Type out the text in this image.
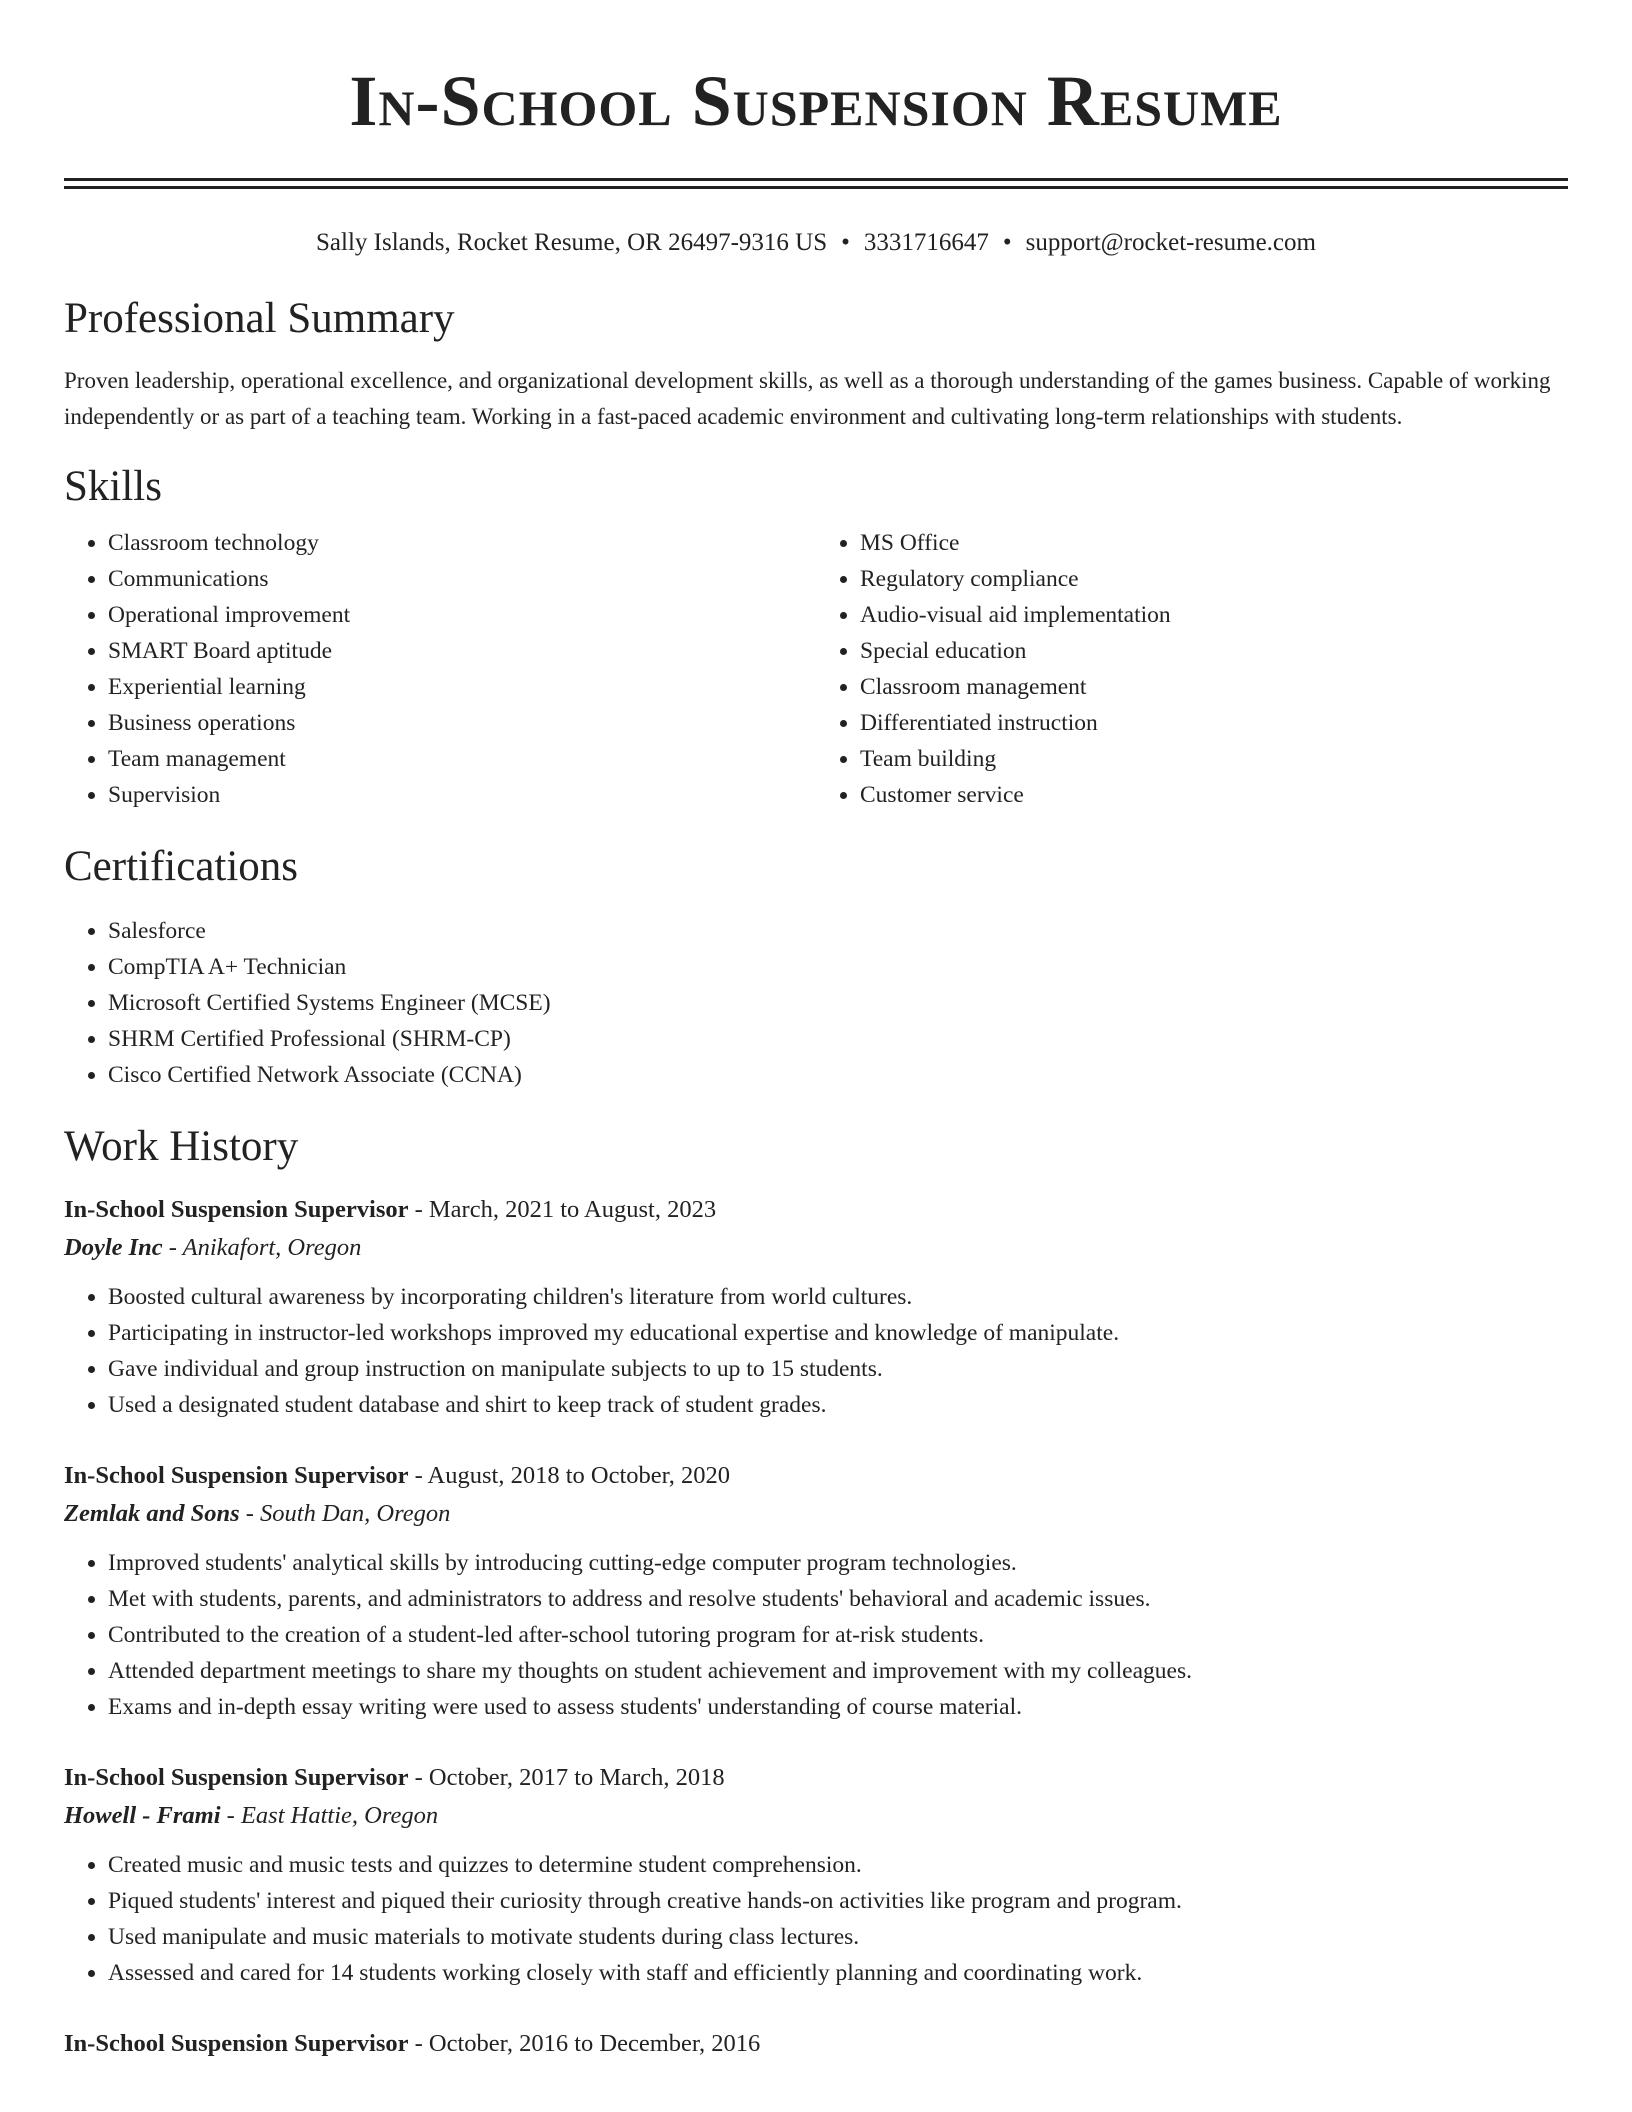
In-School Suspension Resume
Sally Islands, Rocket Resume, OR 26497-9316 US • 3331716647 • support@rocket-resume.com
Professional Summary

Proven leadership, operational excellence, and organizational development skills, as well as a thorough understanding of the games business. Capable of working independently or as part of a teaching team. Working in a fast-paced academic environment and cultivating long-term relationships with students.

Skills
• Classroom technology
• Communications
• Operational improvement
• SMART Board aptitude
• Experiential learning
• Business operations
• Team management
• Supervision
• MS Office
• Regulatory compliance
• Audio-visual aid implementation
• Special education
• Classroom management
• Differentiated instruction
• Team building
• Customer service
Certifications
• Salesforce
• CompTIA A+ Technician
• Microsoft Certified Systems Engineer (MCSE)
• SHRM Certified Professional (SHRM-CP)
• Cisco Certified Network Associate (CCNA)
Work History
In-School Suspension Supervisor - March, 2021 to August, 2023
Doyle Inc - Anikafort, Oregon
• Boosted cultural awareness by incorporating children's literature from world cultures.
• Participating in instructor-led workshops improved my educational expertise and knowledge of manipulate.
• Gave individual and group instruction on manipulate subjects to up to 15 students.
• Used a designated student database and shirt to keep track of student grades.
In-School Suspension Supervisor - August, 2018 to October, 2020
Zemlak and Sons - South Dan, Oregon
• Improved students' analytical skills by introducing cutting-edge computer program technologies.
• Met with students, parents, and administrators to address and resolve students' behavioral and academic issues.
• Contributed to the creation of a student-led after-school tutoring program for at-risk students.
• Attended department meetings to share my thoughts on student achievement and improvement with my colleagues.
• Exams and in-depth essay writing were used to assess students' understanding of course material.
In-School Suspension Supervisor - October, 2017 to March, 2018
Howell - Frami - East Hattie, Oregon
• Created music and music tests and quizzes to determine student comprehension.
• Piqued students' interest and piqued their curiosity through creative hands-on activities like program and program.
• Used manipulate and music materials to motivate students during class lectures.
• Assessed and cared for 14 students working closely with staff and efficiently planning and coordinating work.
In-School Suspension Supervisor - October, 2016 to December, 2016
